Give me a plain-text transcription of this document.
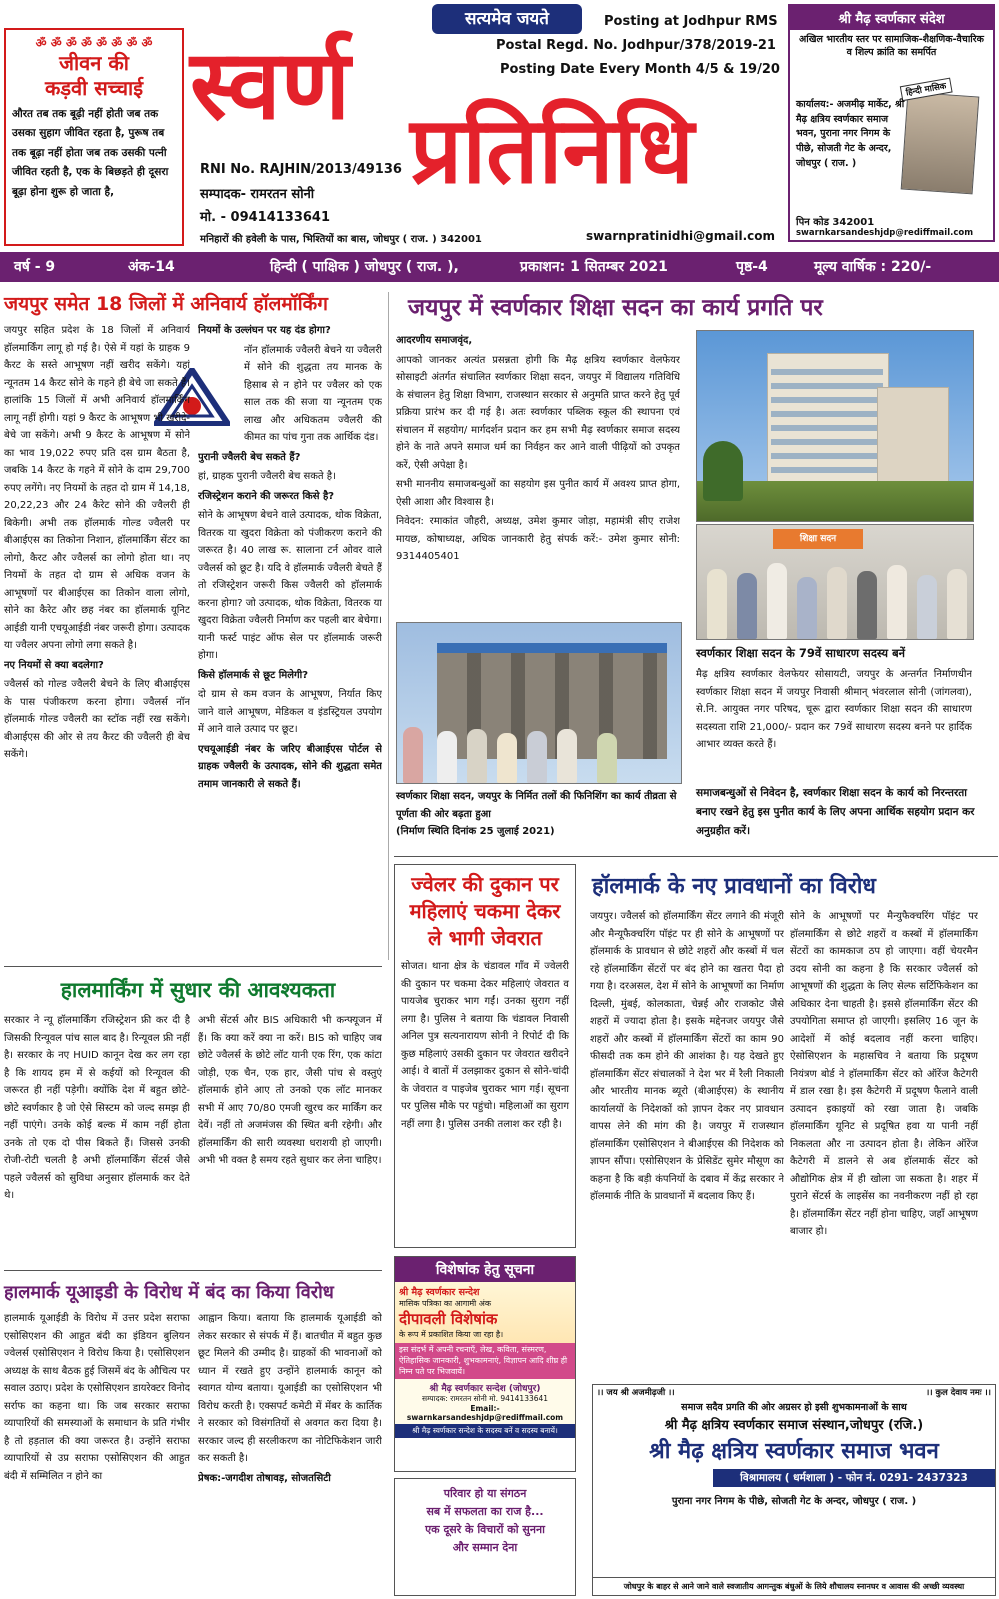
ॐ ॐ ॐ ॐ ॐ ॐ ॐ ॐ
जीवन की
कड़वी सच्चाई
औरत तब तक बूढ़ी नहीं होती जब तक उसका सुहाग जीवित रहता है, पुरूष तब तक बूढ़ा नहीं होता जब तक उसकी पत्नी जीवित रहती है, एक के बिछड़ते ही दूसरा बूढ़ा होना शुरू हो जाता है,
सत्यमेव जयते
स्वर्ण
प्रतिनिधि
Posting at Jodhpur RMS
Postal Regd. No. Jodhpur/378/2019-21
Posting Date Every Month 4/5 & 19/20
RNI No. RAJHIN/2013/49136
सम्पादक- रामरतन सोनी
मो. - 09414133641
मनिहारों की हवेली के पास, भिश्तियों का बास, जोधपुर ( राज. ) 342001	swarnpratinidhi@gmail.com
श्री मैढ़ स्वर्णकार संदेश
अखिल भारतीय स्तर पर सामाजिक-शैक्षणिक-वैचारिक व शिल्प क्रांति का समर्पित
हिन्दी मासिक
कार्यालय:- अजमीढ़ मार्केट, श्री मैढ़ क्षत्रिय स्वर्णकार समाज भवन, पुराना नगर निगम के पीछे, सोजती गेट के अन्दर, जोधपुर ( राज. )
पिन कोड 342001
swarnkarsandeshjdp@rediffmail.com
वर्ष - 9	अंक-14	हिन्दी ( पाक्षिक ) जोधपुर ( राज. ),	प्रकाशन: 1 सितम्बर 2021	पृष्ठ-4	मूल्य वार्षिक : 220/-
जयपुर समेत 18 जिलों में अनिवार्य हॉलमॉर्किंग

जयपुर सहित प्रदेश के 18 जिलों में अनिवार्य हॉलमार्किंग लागू हो गई है। ऐसे में यहां के ग्राहक 9 कैरट के सस्ते आभूषण नहीं खरीद सकेंगे। यहां न्यूनतम 14 कैरट सोने के गहने ही बेचे जा सकते हैं। हालांकि 15 जिलों में अभी अनिवार्य हॉलमार्किंग लागू नहीं होगी। यहां 9 कैरट के आभूषण भी खरीदे-बेचे जा सकेंगे। अभी 9 कैरट के आभूषण में सोने का भाव 19,022 रुपए प्रति दस ग्राम बैठता है, जबकि 14 कैरट के गहने में सोने के दाम 29,700 रुपए लगेंगे। नए नियमों के तहत दो ग्राम में 14,18, 20,22,23 और 24 कैरेट सोने की ज्वैलरी ही बिकेगी। अभी तक हॉलमार्क गोल्ड ज्वैलरी पर बीआईएस का तिकोना निशान, हॉलमार्किंग सेंटर का लोगो, कैरट और ज्वैलर्स का लोगो होता था। नए नियमों के तहत दो ग्राम से अधिक वजन के आभूषणों पर बीआईएस का तिकोन वाला लोगो, सोने का कैरेट और छह नंबर का हॉलमार्क यूनिट आईडी यानी एचयूआईडी नंबर जरूरी होगा। उत्पादक या ज्वैलर अपना लोगो लगा सकते है।

नए नियमों से क्या बदलेगा?

ज्वैलर्स को गोल्ड ज्वैलरी बेचने के लिए बीआईएस के पास पंजीकरण करना होगा। ज्वैलर्स नॉन हॉलमार्क गोल्ड ज्वैलरी का स्टॉक नहीं रख सकेंगे। बीआईएस की ओर से तय कैरट की ज्वैलरी ही बेच सकेंगे।

नियमों के उल्लंघन पर यह दंड होगा?

नॉन हॉलमार्क ज्वैलरी बेचने या ज्वैलरी में सोने की शुद्धता तय मानक के हिसाब से न होने पर ज्वैलर को एक साल तक की सजा या न्यूनतम एक लाख और अधिकतम ज्वैलरी की कीमत का पांच गुना तक आर्थिक दंड।

पुरानी ज्वैलरी बेच सकते हैं?

हां, ग्राहक पुरानी ज्वैलरी बेच सकते है।

रजिस्ट्रेशन कराने की जरूरत किसे है?

सोने के आभूषण बेचने वाले उत्पादक, थोक विक्रेता, वितरक या खुदरा विक्रेता को पंजीकरण कराने की जरूरत है। 40 लाख रू. सालाना टर्न ओवर वाले ज्वैलर्स को छूट है। यदि वे हॉलमार्क ज्वैलरी बेचते हैं तो रजिस्ट्रेशन जरूरी किस ज्वैलरी को हॉलमार्क करना होगा? जो उत्पादक, थोक विक्रेता, वितरक या खुदरा विक्रेता ज्वैलरी निर्माण कर पहली बार बेचेगा। यानी फर्स्ट पाइंट ऑफ सेल पर हॉलमार्क जरूरी होगा।

किसे हॉलमार्क से छूट मिलेगी?

दो ग्राम से कम वजन के आभूषण, निर्यात किए जाने वाले आभूषण, मेडिकल व इंडस्ट्रियल उपयोग में आने वाले उत्पाद पर छूट।

एचयूआईडी नंबर के जरिए बीआईएस पोर्टल से ग्राहक ज्वैलरी के उत्पादक, सोने की शुद्धता समेत तमाम जानकारी ले सकते हैं।

जयपुर में स्वर्णकार शिक्षा सदन का कार्य प्रगति पर

आदरणीय समाजवृंद,

आपको जानकर अत्यंत प्रसन्नता होगी कि मैढ़ क्षत्रिय स्वर्णकार वेलफेयर सोसाइटी अंतर्गत संचालित स्वर्णकार शिक्षा सदन, जयपुर में विद्यालय गतिविधि के संचालन हेतु शिक्षा विभाग, राजस्थान सरकार से अनुमति प्राप्त करने हेतु पूर्व प्रक्रिया प्रारंभ कर दी गई है। अतः स्वर्णकार पब्लिक स्कूल की स्थापना एवं संचालन में सहयोग/ मार्गदर्शन प्रदान कर हम सभी मैढ़ स्वर्णकार समाज सदस्य होने के नाते अपने समाज धर्म का निर्वहन कर आने वाली पीढ़ियों को उपकृत करें, ऐसी अपेक्षा है।

सभी माननीय समाजबन्धुओं का सहयोग इस पुनीत कार्य में अवश्य प्राप्त होगा, ऐसी आशा और विश्वास है।

निवेदन: रमाकांत जौहरी, अध्यक्ष, उमेश कुमार जोड़ा, महामंत्री सीए राजेश मायछ, कोषाध्यक्ष, अधिक जानकारी हेतु संपर्क करें:- उमेश कुमार सोनी: 9314405401

शिक्षा सदन
स्वर्णकार शिक्षा सदन, जयपुर के निर्मित तलों की फिनिशिंग का कार्य तीव्रता से पूर्णता की ओर बढ़ता हुआ
(निर्माण स्थिति दिनांक 25 जुलाई 2021)
स्वर्णकार शिक्षा सदन के 79वें साधारण सदस्य बनें
मैढ़ क्षत्रिय स्वर्णकार वेलफेयर सोसायटी, जयपुर के अन्तर्गत निर्माणधीन स्वर्णकार शिक्षा सदन में जयपुर निवासी श्रीमान् भंवरलाल सोनी (जांगलवा), से.नि. आयुक्त नगर परिषद, चूरू द्वारा स्वर्णकार शिक्षा सदन की साधारण सदस्यता राशि 21,000/- प्रदान कर 79वें साधारण सदस्य बनने पर हार्दिक आभार व्यक्त करते हैं।
समाजबन्धुओं से निवेदन है, स्वर्णकार शिक्षा सदन के कार्य को निरन्तरता बनाए रखने हेतु इस पुनीत कार्य के लिए अपना आर्थिक सहयोग प्रदान कर अनुग्रहीत करें।
हालमार्किंग में सुधार की आवश्यकता
सरकार ने न्यू हॉलमार्किंग रजिस्ट्रेशन फ्री कर दी है जिसकी रिन्यूवल पांच साल बाद है। रिन्यूवल फ्री नहीं है। सरकार के नए HUID कानून देख कर लग रहा है कि शायद हम में से कईयों को रिन्यूवल की जरूरत ही नहीं पड़ेगी। क्योंकि देश में बहुत छोटे-छोटे स्वर्णकार है जो ऐसे सिस्टम को जल्द समझ ही नहीं पाएंगे। उनके कोई बल्क में काम नहीं होता उनके तो एक दो पीस बिकते हैं। जिससे उनकी रोजी-रोटी चलती है अभी हॉलमार्किंग सेंटर्स जैसे पहले ज्वैलर्स को सुविधा अनुसार हॉलमार्क कर देते थे।
अभी सेंटर्स और BIS अधिकारी भी कन्फ्यूजन में हैं। कि क्या करें क्या ना करें। BIS को चाहिए जब छोटे ज्वैलर्स के छोटे लॉट यानी एक रिंग, एक कांटा जोड़ी, एक चैन, एक हार, जैसी पांच से वस्तुएं हॉलमार्क होने आए तो उनको एक लॉट मानकर सभी में आए 70/80 एमजी खुरच कर मार्किंग कर देवें। नहीं तो अजमंजस की स्थित बनी रहेगी। और हॉलमार्किंग की सारी व्यवस्था धराशयी हो जाएगी। अभी भी वक्त है समय रहते सुधार कर लेना चाहिए।
हालमार्क यूआइडी के विरोध में बंद का किया विरोध
हालमार्क यूआईडी के विरोध में उत्तर प्रदेश सराफा एसोसिएशन की आहुत बंदी का इंडियन बुलियन ज्वेलर्स एसोसिएशन ने विरोध किया है। एसोसिएशन अध्यक्ष के साथ बैठक हुई जिसमें बंद के औचित्य पर सवाल उठाए। प्रदेश के एसोसिएशन डायरेक्टर विनोद सर्राफ का कहना था। कि जब सरकार सराफा व्यापारियों की समस्याओं के समाधान के प्रति गंभीर है तो हड़ताल की क्या जरूरत है। उन्होंने सराफा व्यापारियों से उप्र सराफा एसोसिएशन की आहुत बंदी में सम्मिलित न होने का

आह्वान किया। बताया कि हालमार्क यूआईडी को लेकर सरकार से संपर्क में हैं। बातचीत में बहुत कुछ छूट मिलने की उम्मीद है। ग्राहकों की भावनाओं को ध्यान में रखते हुए उन्होंने हालमार्क कानून को स्वागत योग्य बताया। यूआईडी का एसोसिएशन भी विरोध करती है। एक्सपर्ट कमेटी में मेंबर के कार्तिक ने सरकार को विसंगतियों से अवगत करा दिया है। सरकार जल्द ही सरलीकरण का नोटिफिकेशन जारी कर सकती है।

प्रेषक:-जगदीश तोषावड़, सोजतसिटी

ज्वेलर की दुकान पर महिलाएं चकमा देकर ले भागी जेवरात
सोजत। थाना क्षेत्र के चंडावल गाँव में ज्वेलरी की दुकान पर चकमा देकर महिलाएं जेवरात व पायजेब चुराकर भाग गईं। उनका सुराग नहीं लगा है। पुलिस ने बताया कि चंडावल निवासी अनिल पुत्र सत्यनारायण सोनी ने रिपोर्ट दी कि कुछ महिलाएं उसकी दुकान पर जेवरात खरीदने आई। वे बातों में उलझाकर दुकान से सोने-चांदी के जेवरात व पाइजेब चुराकर भाग गई। सूचना पर पुलिस मौके पर पहुंचो। महिलाओं का सुराग नहीं लगा है। पुलिस उनकी तलाश कर रही है।
हॉलमार्क के नए प्रावधानों का विरोध
जयपुर। ज्वैलर्स को हॉलमार्किंग सेंटर लगाने की मंजूरी और मैन्यूफैक्चरिंग पॉइंट पर ही सोने के आभूषणों पर हॉलमार्क के प्रावधान से छोटे शहरों और कस्बों में चल रहे हॉलमार्किंग सेंटरों पर बंद होने का खतरा पैदा हो गया है। दरअसल, देश में सोने के आभूषणों का निर्माण दिल्ली, मुंबई, कोलकाता, चेन्नई और राजकोट जैसे शहरों में ज्यादा होता है। इसके मद्देनजर जयपुर जैसे शहरों और कस्बों में हॉलमार्किंग सेंटरों का काम 90 फीसदी तक कम होने की आशंका है। यह देखते हुए हॉलमार्किंग सेंटर संचालकों ने देश भर में रैली निकाली और भारतीय मानक ब्यूरो (बीआईएस) के स्थानीय कार्यालयों के निदेशकों को ज्ञापन देकर नए प्रावधान वापस लेने की मांग की है। जयपुर में राजस्थान हॉलमार्किंग एसोसिएशन ने बीआईएस की निदेशक को ज्ञापन सौंपा। एसोसिएशन के प्रेसिडेंट सुमेर मौसूण का कहना है कि बड़ी कंपनियों के दबाव में केंद्र सरकार ने हॉलमार्क नीति के प्रावधानों में बदलाव किए हैं।
सोने के आभूषणों पर मैन्युफैक्चरिंग पॉइंट पर हॉलमार्किंग से छोटे शहरों व कस्बों में हॉलमार्किंग सेंटरों का कामकाज ठप हो जाएगा। वहीं चेयरमैन उदय सोनी का कहना है कि सरकार ज्वैलर्स को आभूषणों की शुद्धता के लिए सेल्फ सर्टिफिकेशन का अधिकार देना चाहती है। इससे हॉलमार्किंग सेंटर की उपयोगिता समाप्त हो जाएगी। इसलिए 16 जून के आदेशों में कोई बदलाव नहीं करना चाहिए। ऐसोसिएशन के महासचिव ने बताया कि प्रदूषण नियंत्रण बोर्ड ने हॉलमार्किंग सेंटर को ऑरेंज कैटेगरी में डाल रखा है। इस कैटेगरी में प्रदूषण फैलाने वाली उत्पादन इकाइयों को रखा जाता है। जबकि हॉलमार्किंग यूनिट से प्रदूषित हवा या पानी नहीं निकलता और ना उत्पादन होता है। लेकिन ऑरेंज कैटेगरी में डालने से अब हॉलमार्क सेंटर को औद्योगिक क्षेत्र में ही खोला जा सकता है। शहर में पुराने सेंटर्स के लाइसेंस का नवनीकरण नहीं हो रहा है। हॉलमार्किंग सेंटर नहीं होना चाहिए, जहाँ आभूषण बाजार हो।
विशेषांक हेतु सूचना
श्री मैढ़ स्वर्णकार सन्देश
मासिक पत्रिका का आगामी अंक
दीपावली विशेषांक
के रूप में प्रकाशित किया जा रहा है।
इस संदर्भ में अपनी रचनाएँ, लेख, कविता, संस्मरण, ऐतिहासिक जानकारी, शुभकामनाएं, विज्ञापन आदि शीघ्र ही निम्न पते पर भिजवायें।
श्री मैढ़ स्वर्णकार सन्देश (जोधपुर)
सम्पादक: रामरतन सोनी मो. 9414133641
Email:- swarnkarsandeshjdp@rediffmail.com
श्री मैढ़ स्वर्णकार सन्देश के सदस्य बनें व सदस्य बनायें।
परिवार हो या संगठन
सब में सफलता का राज है...
एक दूसरे के विचारों को सुनना
और सम्मान देना
।। जय श्री अजमीढ़जी ।।	।। कुल देवाय नमः ।।
समाज सदैव प्रगति की ओर अग्रसर हो इसी शुभकामनाओं के साथ
श्री मैढ़ क्षत्रिय स्वर्णकार समाज संस्थान,जोधपुर (रजि.)
श्री मैढ़ क्षत्रिय स्वर्णकार समाज भवन
विश्रामालय ( धर्मशाला ) - फोन नं. 0291- 2437323
पुराना नगर निगम के पीछे, सोजती गेट के अन्दर, जोधपुर ( राज. )
जोधपुर के बाहर से आने जाने वाले स्वजातीय आगन्तुक बंधुओं के लिये शौचालय स्नानघर व आवास की अच्छी व्यवस्था
